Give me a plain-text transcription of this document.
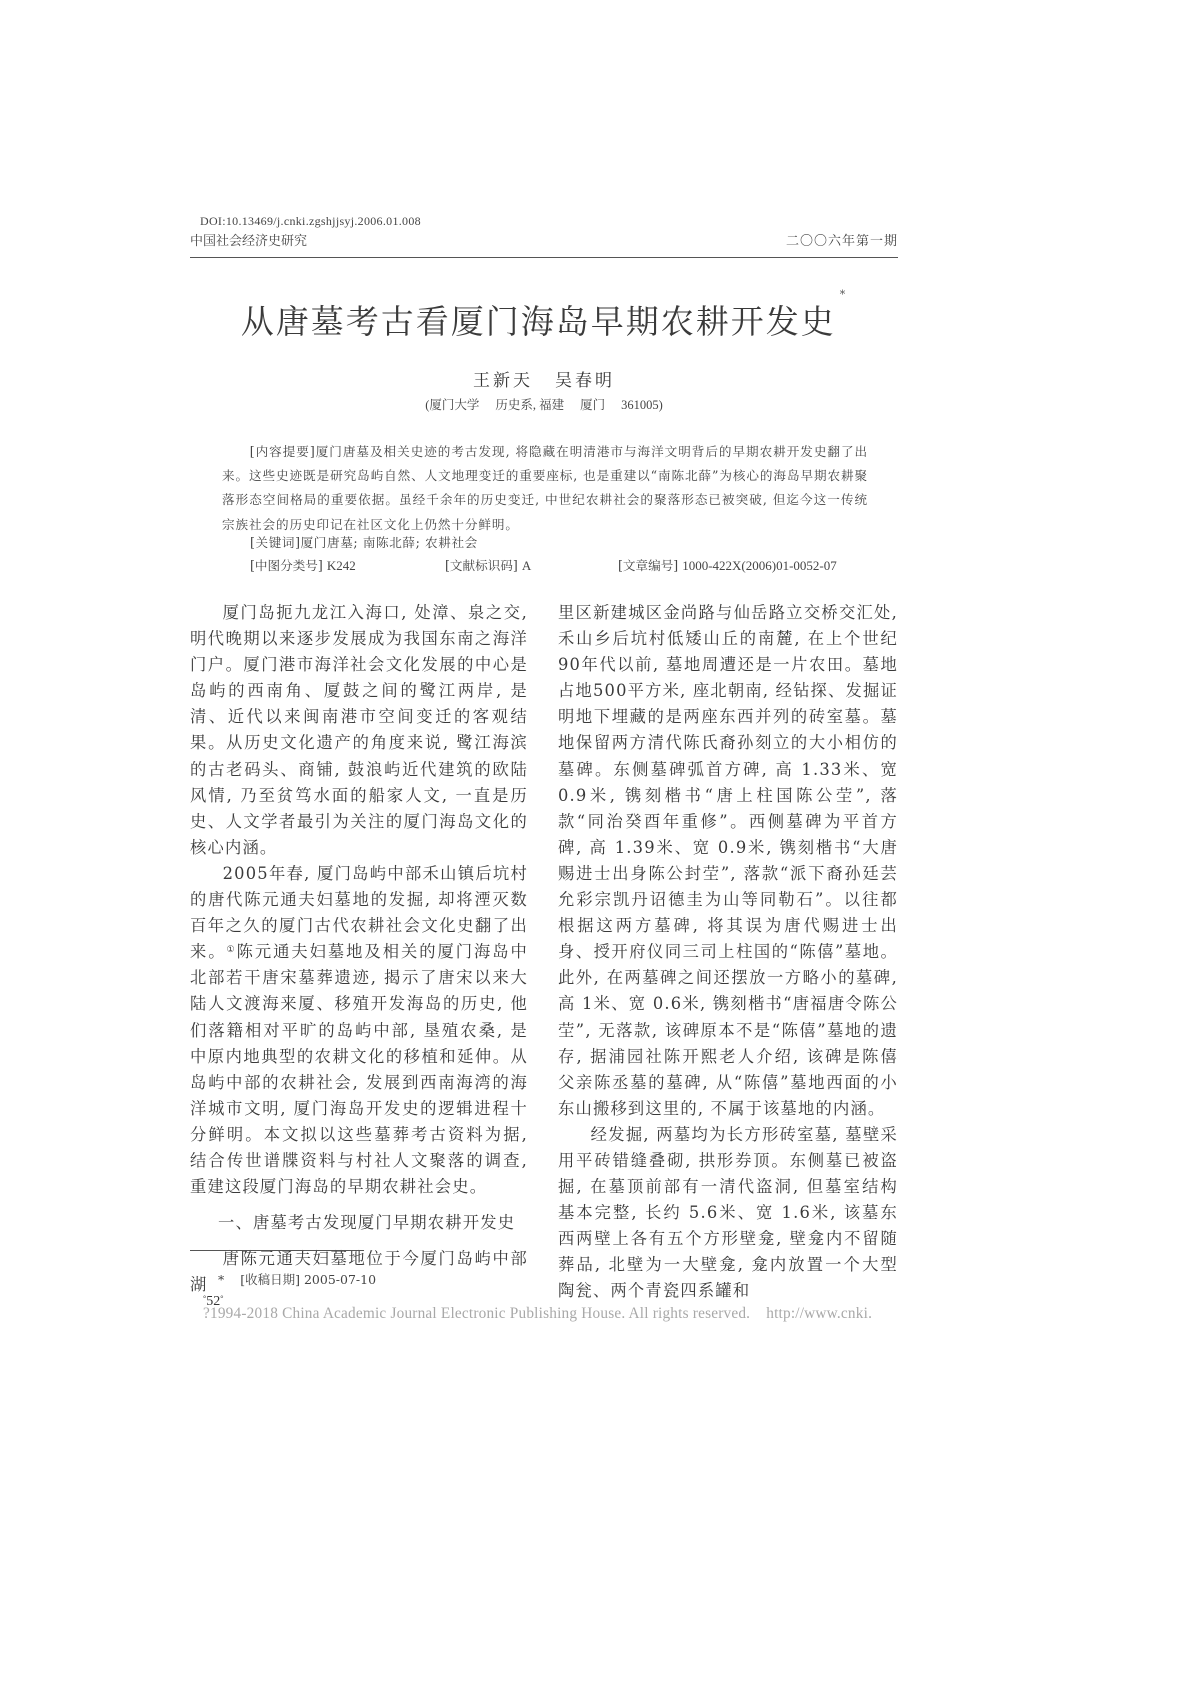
DOI:10.13469/j.cnki.zgshjjsyj.2006.01.008
中国社会经济史研究	二〇〇六年第一期
从唐墓考古看厦门海岛早期农耕开发史*
王新天 吴春明
(厦门大学 历史系, 福建 厦门 361005)
[内容提要]厦门唐墓及相关史迹的考古发现, 将隐藏在明清港市与海洋文明背后的早期农耕开发史翻了出来。这些史迹既是研究岛屿自然、人文地理变迁的重要座标, 也是重建以“南陈北薛”为核心的海岛早期农耕聚落形态空间格局的重要依据。虽经千余年的历史变迁, 中世纪农耕社会的聚落形态已被突破, 但迄今这一传统宗族社会的历史印记在社区文化上仍然十分鲜明。
[关键词]厦门唐墓; 南陈北薛; 农耕社会
[中图分类号] K242	[文献标识码] A	[文章编号] 1000-422X(2006)01-0052-07

厦门岛扼九龙江入海口, 处漳、泉之交, 明代晚期以来逐步发展成为我国东南之海洋门户。厦门港市海洋社会文化发展的中心是岛屿的西南角、厦鼓之间的鹭江两岸, 是清、近代以来闽南港市空间变迁的客观结果。从历史文化遗产的角度来说, 鹭江海滨的古老码头、商铺, 鼓浪屿近代建筑的欧陆风情, 乃至贫笃水面的船家人文, 一直是历史、人文学者最引为关注的厦门海岛文化的核心内涵。

2005年春, 厦门岛屿中部禾山镇后坑村的唐代陈元通夫妇墓地的发掘, 却将湮灭数百年之久的厦门古代农耕社会文化史翻了出来。①陈元通夫妇墓地及相关的厦门海岛中北部若干唐宋墓葬遗迹, 揭示了唐宋以来大陆人文渡海来厦、移殖开发海岛的历史, 他们落籍相对平旷的岛屿中部, 垦殖农桑, 是中原内地典型的农耕文化的移植和延伸。从岛屿中部的农耕社会, 发展到西南海湾的海洋城市文明, 厦门海岛开发史的逻辑进程十分鲜明。本文拟以这些墓葬考古资料为据, 结合传世谱牒资料与村社人文聚落的调查, 重建这段厦门海岛的早期农耕社会史。

一、唐墓考古发现厦门早期农耕开发史

唐陈元通夫妇墓地位于今厦门岛屿中部湖

里区新建城区金尚路与仙岳路立交桥交汇处, 禾山乡后坑村低矮山丘的南麓, 在上个世纪 90年代以前, 墓地周遭还是一片农田。墓地占地500平方米, 座北朝南, 经钻探、发掘证明地下埋藏的是两座东西并列的砖室墓。墓地保留两方清代陈氏裔孙刻立的大小相仿的墓碑。东侧墓碑弧首方碑, 高 1.33米、宽 0.9米, 镌刻楷书“唐上柱国陈公茔”, 落款“同治癸酉年重修”。西侧墓碑为平首方碑, 高 1.39米、宽 0.9米, 镌刻楷书“大唐赐进士出身陈公封茔”, 落款“派下裔孙廷芸允彩宗凯丹诏德圭为山等同勒石”。以往都根据这两方墓碑, 将其误为唐代赐进士出身、授开府仪同三司上柱国的“陈僖”墓地。此外, 在两墓碑之间还摆放一方略小的墓碑, 高 1米、宽 0.6米, 镌刻楷书“唐福唐令陈公茔”, 无落款, 该碑原本不是“陈僖”墓地的遗存, 据浦园社陈开熙老人介绍, 该碑是陈僖父亲陈丞墓的墓碑, 从“陈僖”墓地西面的小东山搬移到这里的, 不属于该墓地的内涵。

经发掘, 两墓均为长方形砖室墓, 墓壁采用平砖错缝叠砌, 拱形券顶。东侧墓已被盗掘, 在墓顶前部有一清代盗洞, 但墓室结构基本完整, 长约 5.6米、宽 1.6米, 该墓东西两壁上各有五个方形壁龛, 壁龛内不留随葬品, 北壁为一大壁龛, 龛内放置一个大型陶瓮、两个青瓷四系罐和

* [收稿日期] 2005-07-10
°52°
?1994-2018 China Academic Journal Electronic Publishing House. All rights reserved. http://www.cnki.
